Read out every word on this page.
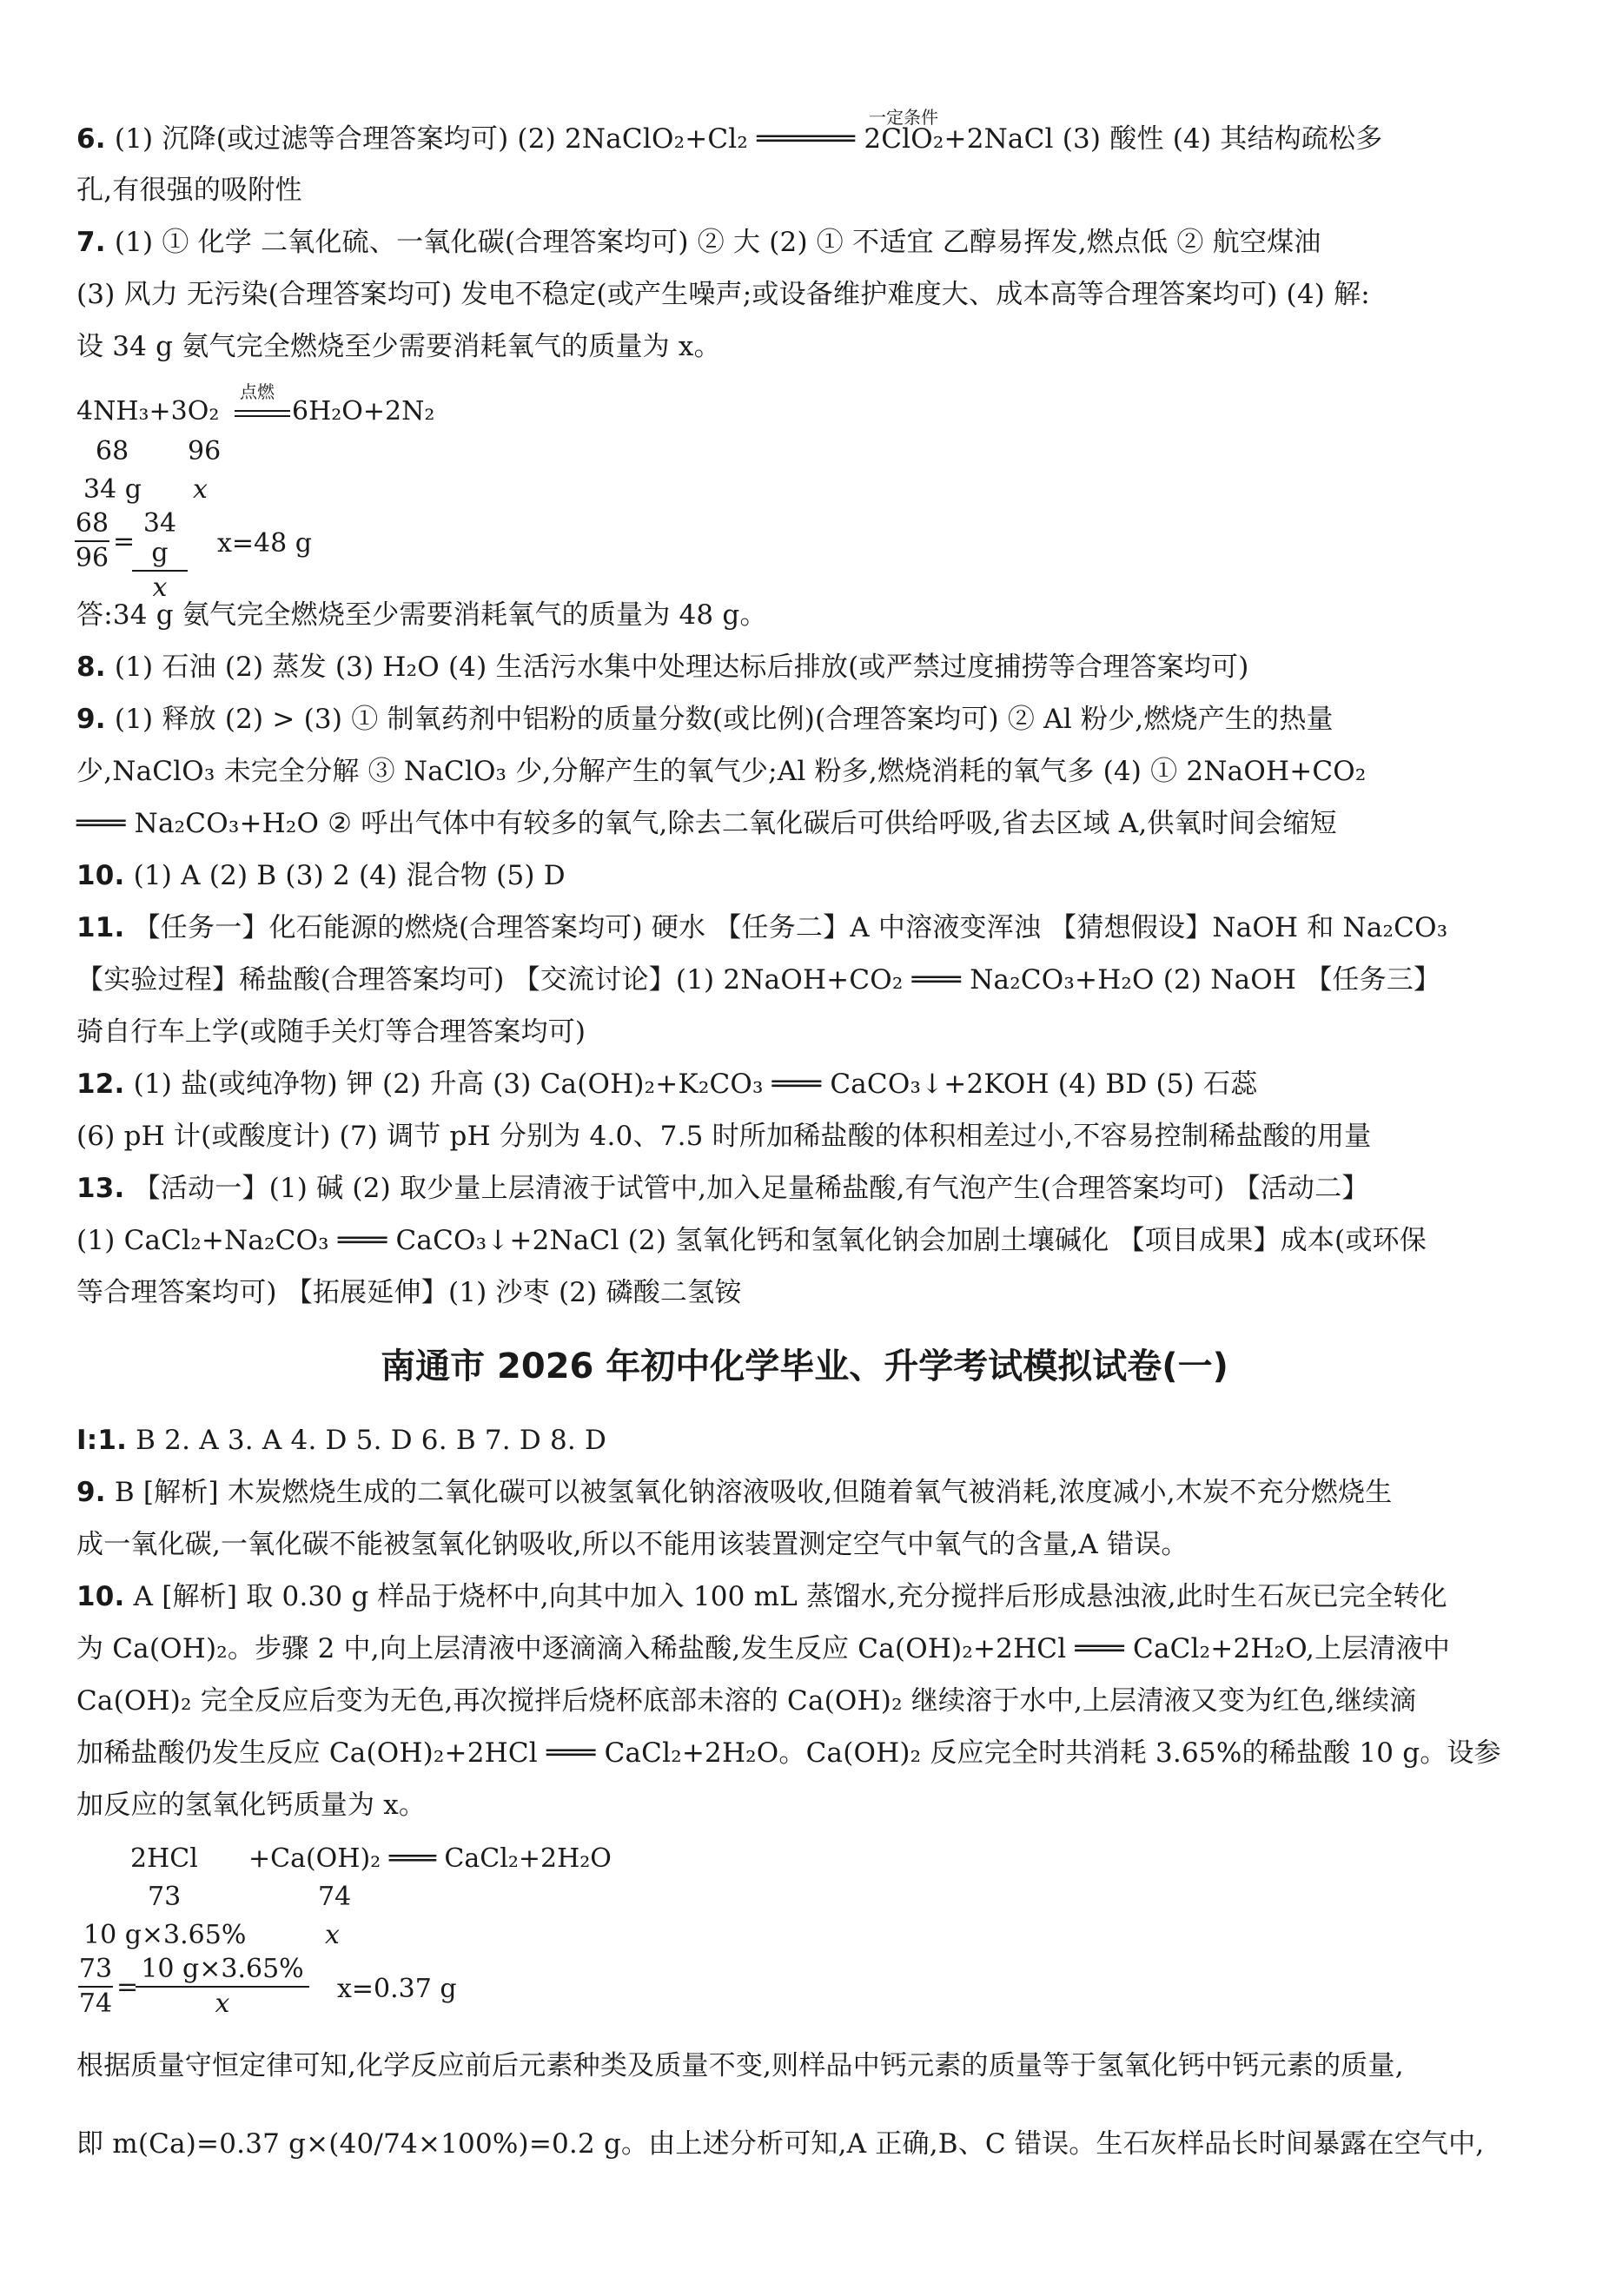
6. (1) 沉降(或过滤等合理答案均可) (2) 2NaClO₂+Cl₂ ══════ 2ClO₂+2NaCl (3) 酸性 (4) 其结构疏松多
一定条件
孔,有很强的吸附性
7. (1) ① 化学 二氧化硫、一氧化碳(合理答案均可) ② 大 (2) ① 不适宜 乙醇易挥发,燃点低 ② 航空煤油
(3) 风力 无污染(合理答案均可) 发电不稳定(或产生噪声;或设备维护难度大、成本高等合理答案均可) (4) 解:
设 34 g 氨气完全燃烧至少需要消耗氧气的质量为 x。
4NH₃+3O₂
点燃
6H₂O+2N₂
68 96
34 g x
68
96
=
34 g
x
x=48 g
答:34 g 氨气完全燃烧至少需要消耗氧气的质量为 48 g。
8. (1) 石油 (2) 蒸发 (3) H₂O (4) 生活污水集中处理达标后排放(或严禁过度捕捞等合理答案均可)
9. (1) 释放 (2) > (3) ① 制氧药剂中铝粉的质量分数(或比例)(合理答案均可) ② Al 粉少,燃烧产生的热量
少,NaClO₃ 未完全分解 ③ NaClO₃ 少,分解产生的氧气少;Al 粉多,燃烧消耗的氧气多 (4) ① 2NaOH+CO₂
═══ Na₂CO₃+H₂O ② 呼出气体中有较多的氧气,除去二氧化碳后可供给呼吸,省去区域 A,供氧时间会缩短
10. (1) A (2) B (3) 2 (4) 混合物 (5) D
11. 【任务一】化石能源的燃烧(合理答案均可) 硬水 【任务二】A 中溶液变浑浊 【猜想假设】NaOH 和 Na₂CO₃
【实验过程】稀盐酸(合理答案均可) 【交流讨论】(1) 2NaOH+CO₂ ═══ Na₂CO₃+H₂O (2) NaOH 【任务三】
骑自行车上学(或随手关灯等合理答案均可)
12. (1) 盐(或纯净物) 钾 (2) 升高 (3) Ca(OH)₂+K₂CO₃ ═══ CaCO₃↓+2KOH (4) BD (5) 石蕊
(6) pH 计(或酸度计) (7) 调节 pH 分别为 4.0、7.5 时所加稀盐酸的体积相差过小,不容易控制稀盐酸的用量
13. 【活动一】(1) 碱 (2) 取少量上层清液于试管中,加入足量稀盐酸,有气泡产生(合理答案均可) 【活动二】
(1) CaCl₂+Na₂CO₃ ═══ CaCO₃↓+2NaCl (2) 氢氧化钙和氢氧化钠会加剧土壤碱化 【项目成果】成本(或环保
等合理答案均可) 【拓展延伸】(1) 沙枣 (2) 磷酸二氢铵
南通市 2026 年初中化学毕业、升学考试模拟试卷(一)
Ⅰ:1. B 2. A 3. A 4. D 5. D 6. B 7. D 8. D
9. B [解析] 木炭燃烧生成的二氧化碳可以被氢氧化钠溶液吸收,但随着氧气被消耗,浓度减小,木炭不充分燃烧生
成一氧化碳,一氧化碳不能被氢氧化钠吸收,所以不能用该装置测定空气中氧气的含量,A 错误。
10. A [解析] 取 0.30 g 样品于烧杯中,向其中加入 100 mL 蒸馏水,充分搅拌后形成悬浊液,此时生石灰已完全转化
为 Ca(OH)₂。步骤 2 中,向上层清液中逐滴滴入稀盐酸,发生反应 Ca(OH)₂+2HCl ═══ CaCl₂+2H₂O,上层清液中
Ca(OH)₂ 完全反应后变为无色,再次搅拌后烧杯底部未溶的 Ca(OH)₂ 继续溶于水中,上层清液又变为红色,继续滴
加稀盐酸仍发生反应 Ca(OH)₂+2HCl ═══ CaCl₂+2H₂O。Ca(OH)₂ 反应完全时共消耗 3.65%的稀盐酸 10 g。设参
加反应的氢氧化钙质量为 x。
2HCl +Ca(OH)₂ ═══ CaCl₂+2H₂O
73	74
10 g×3.65%	x
73
74
=
10 g×3.65%
x	x=0.37 g
根据质量守恒定律可知,化学反应前后元素种类及质量不变,则样品中钙元素的质量等于氢氧化钙中钙元素的质量,
即 m(Ca)=0.37 g×(40/74×100%)=0.2 g。由上述分析可知,A 正确,B、C 错误。生石灰样品长时间暴露在空气中,
